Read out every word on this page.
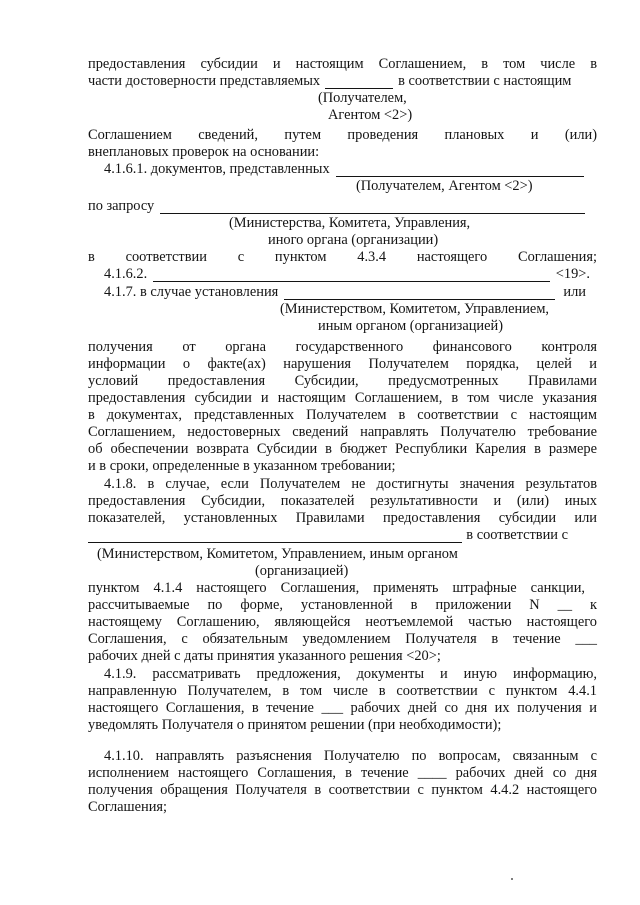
предоставления субсидии и настоящим Соглашением, в том числе в
части достоверности представляемых	в соответствии с настоящим
(Получателем,
Агентом <2>)
Соглашением сведений, путем проведения плановых и (или)
внеплановых проверок на основании:
4.1.6.1. документов, представленных
(Получателем, Агентом <2>)
по запросу
(Министерства, Комитета, Управления,
иного органа (организации)
в соответствии с пунктом 4.3.4 настоящего Соглашения;
4.1.6.2.	<19>.
4.1.7. в случае установления	или
(Министерством, Комитетом, Управлением,
иным органом (организацией)
получения от органа государственного финансового контроля
информации о факте(ах) нарушения Получателем порядка, целей и
условий предоставления Субсидии, предусмотренных Правилами
предоставления субсидии и настоящим Соглашением, в том числе указания
в документах, представленных Получателем в соответствии с настоящим
Соглашением, недостоверных сведений направлять Получателю требование
об обеспечении возврата Субсидии в бюджет Республики Карелия в размере
и в сроки, определенные в указанном требовании;
4.1.8. в случае, если Получателем не достигнуты значения результатов
предоставления Субсидии, показателей результативности и (или) иных
показателей, установленных Правилами предоставления субсидии или
в соответствии с
(Министерством, Комитетом, Управлением, иным органом
(организацией)
пунктом 4.1.4 настоящего Соглашения, применять штрафные санкции,
рассчитываемые по форме, установленной в приложении N __ к
настоящему Соглашению, являющейся неотъемлемой частью настоящего
Соглашения, с обязательным уведомлением Получателя в течение ___
рабочих дней с даты принятия указанного решения <20>;
4.1.9. рассматривать предложения, документы и иную информацию,
направленную Получателем, в том числе в соответствии с пунктом 4.4.1
настоящего Соглашения, в течение ___ рабочих дней со дня их получения и
уведомлять Получателя о принятом решении (при необходимости);
4.1.10. направлять разъяснения Получателю по вопросам, связанным с
исполнением настоящего Соглашения, в течение ____ рабочих дней со дня
получения обращения Получателя в соответствии с пунктом 4.4.2 настоящего
Соглашения;
